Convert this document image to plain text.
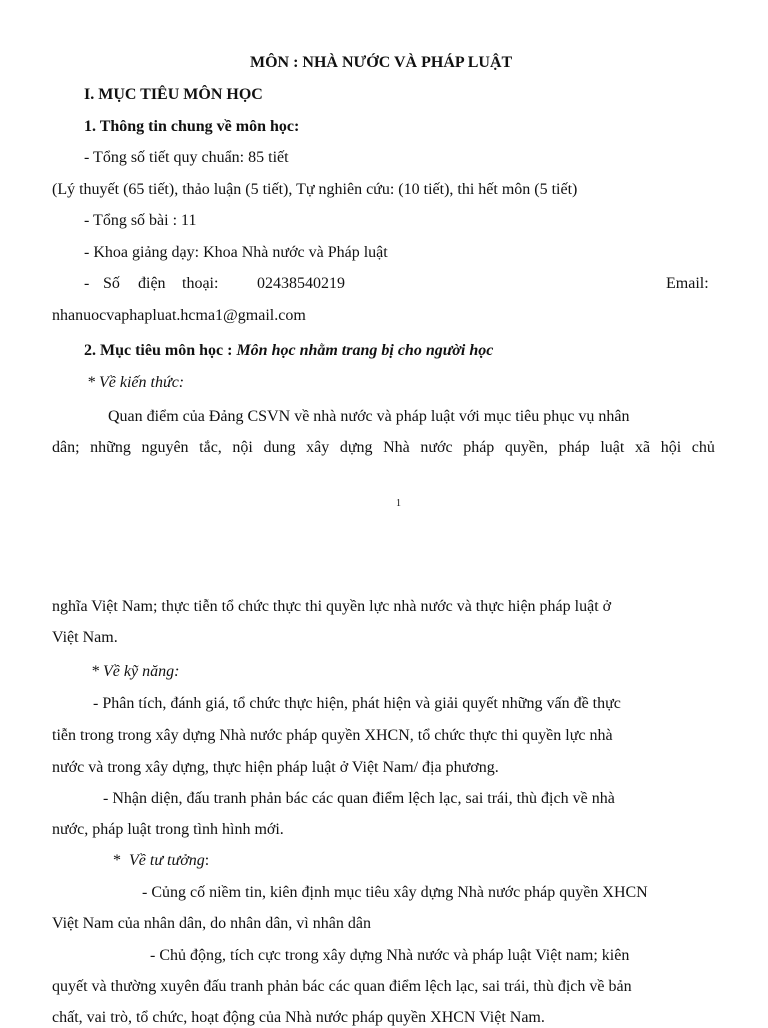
MÔN : NHÀ NƯỚC VÀ PHÁP LUẬT
I. MỤC TIÊU MÔN HỌC
1. Thông tin chung về môn học:
- Tổng số tiết quy chuẩn: 85 tiết
(Lý thuyết (65 tiết), thảo luận (5 tiết), Tự nghiên cứu: (10 tiết), thi hết môn (5 tiết)
- Tổng số bài : 11
- Khoa giảng dạy: Khoa Nhà nước và Pháp luật
- Số điện thoại: 02438540219	Email:
nhanuocvaphapluat.hcma1@gmail.com
2. Mục tiêu môn học : Môn học nhằm trang bị cho người học
* Về kiến thức:
Quan điểm của Đảng CSVN về nhà nước và pháp luật với mục tiêu phục vụ nhân
dân; những nguyên tắc, nội dung xây dựng Nhà nước pháp quyền, pháp luật xã hội chủ
1
nghĩa Việt Nam; thực tiễn tổ chức thực thi quyền lực nhà nước và thực hiện pháp luật ở
Việt Nam.
* Về kỹ năng:
- Phân tích, đánh giá, tổ chức thực hiện, phát hiện và giải quyết những vấn đề thực
tiễn trong trong xây dựng Nhà nước pháp quyền XHCN, tổ chức thực thi quyền lực nhà
nước và trong xây dựng, thực hiện pháp luật ở Việt Nam/ địa phương.
- Nhận diện, đấu tranh phản bác các quan điểm lệch lạc, sai trái, thù địch về nhà
nước, pháp luật trong tình hình mới.
* Về tư tưởng:
- Củng cố niềm tin, kiên định mục tiêu xây dựng Nhà nước pháp quyền XHCN
Việt Nam của nhân dân, do nhân dân, vì nhân dân
- Chủ động, tích cực trong xây dựng Nhà nước và pháp luật Việt nam; kiên
quyết và thường xuyên đấu tranh phản bác các quan điểm lệch lạc, sai trái, thù địch về bản
chất, vai trò, tổ chức, hoạt động của Nhà nước pháp quyền XHCN Việt Nam.
